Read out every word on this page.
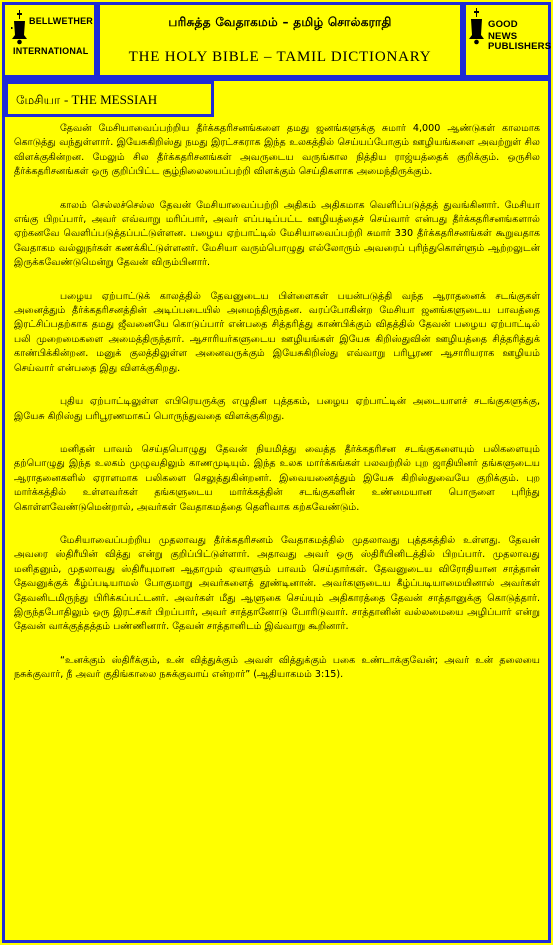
BELLWETHER
INTERNATIONAL
பரிசுத்த வேதாகமம் – தமிழ் சொல்கராதி
THE HOLY BIBLE – TAMIL DICTIONARY
GOOD NEWS
PUBLISHERS
மேசியா - THE MESSIAH

தேவன் மேசியாவைப்பற்றிய தீர்க்கதரிசனங்களை தமது ஜனங்களுக்கு சுமார் 4,000 ஆண்டுகள் காலமாக கொடுத்து வந்துள்ளார். இயேசுகிறிஸ்து நமது இரட்சகராக இந்த உலகத்தில் செய்யப்போகும் ஊழியங்களை அவற்றுள் சில விளக்குகின்றன. மேலும் சில தீர்க்கதரிசனங்கள் அவருடைய வருங்கால நித்திய ராஜ்யத்தைக் குறிக்கும். ஒருசில தீர்க்கதரிசனங்கள் ஒரு குறிப்பிட்ட சூழ்நிலையைப்பற்றி விளக்கும் செய்திகளாக அமைந்திருக்கும்.

காலம் செல்லச்செல்ல தேவன் மேசியாவைப்பற்றி அதிகம் அதிகமாக வெளிப்படுத்தத் துவங்கினார். மேசியா எங்கு பிறப்பார், அவர் எவ்வாறு மரிப்பார், அவர் எப்படிப்பட்ட ஊழியத்தைச் செய்வார் என்பது தீர்க்கதரிசனங்களால் ஏற்கனவே வெளிப்படுத்தப்பட்டுள்ளன. பழைய ஏற்பாட்டில் மேசியாவைப்பற்றி சுமார் 330 தீர்க்கதரிசனங்கள் கூறுவதாக வேதாகம வல்லுநர்கள் கணக்கிட்டுள்ளனர். மேசியா வரும்பொழுது எல்லோரும் அவரைப் புரிந்துகொள்ளும் ஆற்றலுடன் இருக்கவேண்டுமென்று தேவன் விரும்பினார்.

பழைய ஏற்பாட்டுக் காலத்தில் தேவனுடைய பிள்ளைகள் பயன்படுத்தி வந்த ஆராதனைக் சடங்குகள் அனைத்தும் தீர்க்கதரிசனத்தின் அடிப்படையில் அமைந்திருந்தன. வரப்போகின்ற மேசியா ஜனங்களுடைய பாவத்தை இரட்சிப்பதற்காக தமது ஜீவனையே கொடுப்பார் என்பதை சித்தரித்து காண்பிக்கும் விதத்தில் தேவன் பழைய ஏற்பாட்டில் பலி முறைமைகளை அமைத்திருந்தார். ஆசாரியர்களுடைய ஊழியங்கள் இயேசு கிறிஸ்துவின் ஊழியத்தை சித்தரித்துக் காண்பிக்கின்றன. மனுக் குலத்திலுள்ள அனைவருக்கும் இயேசுகிறிஸ்து எவ்வாறு பரிபூரண ஆசாரியராக ஊழியம் செய்வார் என்பதை இது விளக்குகிறது.

புதிய ஏற்பாட்டிலுள்ள எபிரெயருக்கு எழுதின புத்தகம், பழைய ஏற்பாட்டின் அடையாளச் சடங்குகளுக்கு, இயேசு கிறிஸ்து பரிபூரணமாகப் பொருந்துவதை விளக்குகிறது.

மனிதன் பாவம் செய்தபொழுது தேவன் நியமித்து வைத்த தீர்க்கதரிசன சடங்குகளையும் பலிகளையும் தற்பொழுது இந்த உலகம் முழுவதிலும் காணமுடியும். இந்த உலக மார்க்கங்கள் பலவற்றில் புற ஜாதியினர் தங்களுடைய ஆராதனைகளில் ஏராளமாக பலிகளை செலுத்துகின்றனர். இவையனைத்தும் இயேசு கிறிஸ்துவையே குறிக்கும். புற மார்க்கத்தில் உள்ளவர்கள் தங்களுடைய மார்க்கத்தின் சடங்குகளின் உண்மையான பொருளை புரிந்து கொள்ளவேண்டுமென்றால், அவர்கள் வேதாகமத்தை தெளிவாக கற்கவேண்டும்.

மேசியாவைப்பற்றிய முதலாவது தீர்க்கதரிசனம் வேதாகமத்தில் முதலாவது புத்தகத்தில் உள்ளது. தேவன் அவரை ஸ்திரீயின் வித்து என்று குறிப்பிட்டுள்ளார். அதாவது அவர் ஒரு ஸ்திரீயினிடத்தில் பிறப்பார். முதலாவது மனிதனும், முதலாவது ஸ்திரீயுமான ஆதாமும் ஏவாளும் பாவம் செய்தார்கள். தேவனுடைய விரோதியான சாத்தான் தேவனுக்குக் கீழ்ப்படியாமல் போகுமாறு அவர்களைத் தூண்டினான். அவர்களுடைய கீழ்ப்படியாமையினால் அவர்கள் தேவனிடமிருந்து பிரிக்கப்பட்டனர். அவர்கள் மீது ஆளுகை செய்யும் அதிகாரத்தை தேவன் சாத்தானுக்கு கொடுத்தார். இருந்தபோதிலும் ஒரு இரட்சகர் பிறப்பார், அவர் சாத்தானோடு போரிடுவார். சாத்தானின் வல்லமையை அழிப்பார் என்று தேவன் வாக்குத்தத்தம் பண்ணினார். தேவன் சாத்தானிடம் இவ்வாறு கூறினார்.

“உனக்கும் ஸ்திரீக்கும், உன் வித்துக்கும் அவள் வித்துக்கும் பகை உண்டாக்குவேன்; அவர் உன் தலையை நசுக்குவார், நீ அவர் குதிங்காலை நசுக்குவாய் என்றார்” (ஆதியாகமம் 3:15).
